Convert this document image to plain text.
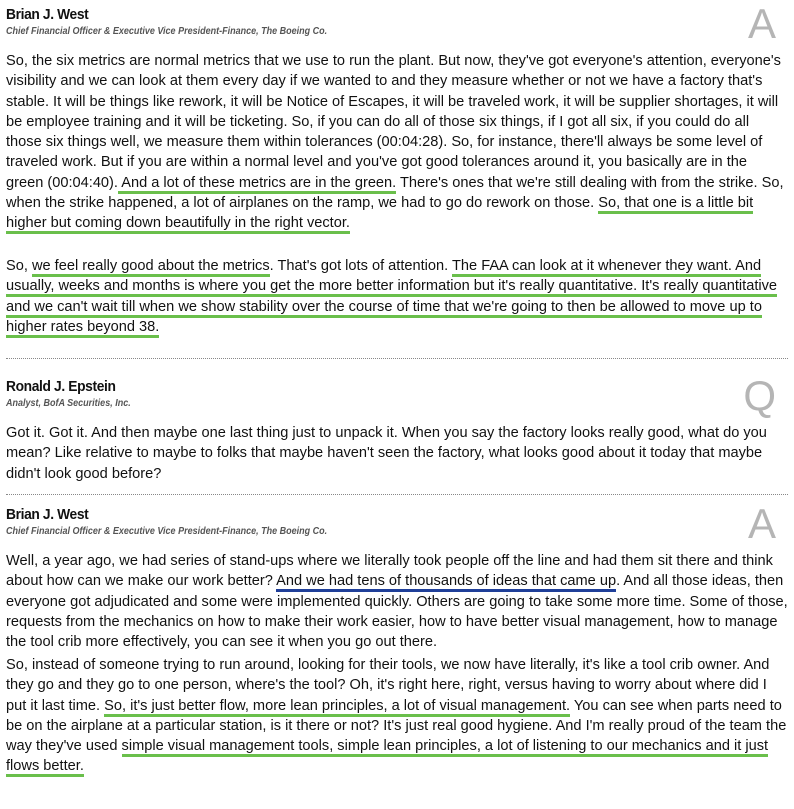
Brian J. West
Chief Financial Officer & Executive Vice President-Finance, The Boeing Co.	A

So, the six metrics are normal metrics that we use to run the plant. But now, they've got everyone's attention, everyone's visibility and we can look at them every day if we wanted to and they measure whether or not we have a factory that's stable. It will be things like rework, it will be Notice of Escapes, it will be traveled work, it will be supplier shortages, it will be employee training and it will be ticketing. So, if you can do all of those six things, if I got all six, if you could do all those six things well, we measure them within tolerances (00:04:28). So, for instance, there'll always be some level of traveled work. But if you are within a normal level and you've got good tolerances around it, you basically are in the green (00:04:40). And a lot of these metrics are in the green. There's ones that we're still dealing with from the strike. So, when the strike happened, a lot of airplanes on the ramp, we had to go do rework on those. So, that one is a little bit higher but coming down beautifully in the right vector.

So, we feel really good about the metrics. That's got lots of attention. The FAA can look at it whenever they want. And usually, weeks and months is where you get the more better information but it's really quantitative. It's really quantitative and we can't wait till when we show stability over the course of time that we're going to then be allowed to move up to higher rates beyond 38.

Ronald J. Epstein
Analyst, BofA Securities, Inc.	Q

Got it. Got it. And then maybe one last thing just to unpack it. When you say the factory looks really good, what do you mean? Like relative to maybe to folks that maybe haven't seen the factory, what looks good about it today that maybe didn't look good before?

Brian J. West
Chief Financial Officer & Executive Vice President-Finance, The Boeing Co.	A

Well, a year ago, we had series of stand-ups where we literally took people off the line and had them sit there and think about how can we make our work better? And we had tens of thousands of ideas that came up. And all those ideas, then everyone got adjudicated and some were implemented quickly. Others are going to take some more time. Some of those, requests from the mechanics on how to make their work easier, how to have better visual management, how to manage the tool crib more effectively, you can see it when you go out there.

So, instead of someone trying to run around, looking for their tools, we now have literally, it's like a tool crib owner. And they go and they go to one person, where's the tool? Oh, it's right here, right, versus having to worry about where did I put it last time. So, it's just better flow, more lean principles, a lot of visual management. You can see when parts need to be on the airplane at a particular station, is it there or not? It's just real good hygiene. And I'm really proud of the team the way they've used simple visual management tools, simple lean principles, a lot of listening to our mechanics and it just flows better.
